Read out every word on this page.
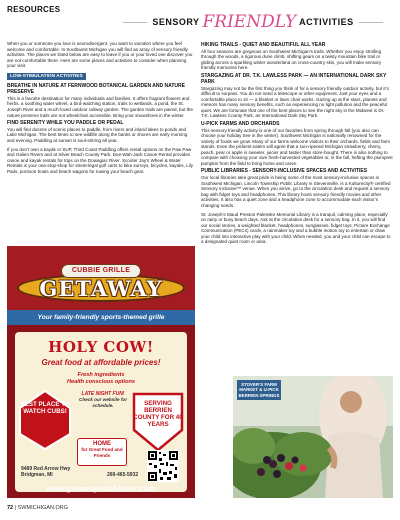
RESOURCES
SENSORY FRIENDLY ACTIVITIES

When you or someone you love is neurodivergent, you want to vacation where you feel welcome and comfortable. In Southwest Michigan you will find an array of sensory friendly activities. The places we listed below are easy to leave if you or your loved one discover you are not comfortable there. Here are some places and activities to consider when planning your visit.

LOW-STIMULATION ACTIVITIES
BREATHE IN NATURE AT FERNWOOD BOTANICAL GARDEN AND NATURE PRESERVE

This is a favorite destination for many individuals and families. It offers fragrant flowers and herbs, a soothing water wheel, a bird-watching station, trails to wetlands, a pond, the St. Joseph River and a much-loved outdoor railway garden. The garden trails are paved, but the nature preserve trails are not wheelchair accessible. Bring your snowshoes in the winter.

FIND SERENITY WHILE YOU PADDLE OR PEDAL

You will find dozens of scenic places to paddle, from rivers and inland lakes to ponds and Lake Michigan. The best times to see wildlife along the banks or shores are early morning and evening. Paddling at sunset is soul-stirring all year.

If you don’t own a kayak or SUP, Third Coast Paddling offers rental options on the Paw Paw and Galien Rivers and at Silver Beach County Park. Doe-Wah-Jack Canoe Rental provides canoe and kayak rentals for trips on the Dowagiac River. Scooter Jay’s Wheel & Water Rentals is your one-stop-shop for street-legal golf carts to bike surreys, bicycles, kayaks, Lily Pads, pontoon boats and beach wagons for towing your beach gear.

HIKING TRAILS - QUIET AND BEAUTIFUL ALL YEAR

All four seasons are gorgeous on Southwest Michigan’s trails. Whether you enjoy strolling through the woods, a rigorous dune climb, shifting gears on a twisty mountain bike trail or gliding across a sparkling winter wonderland on cross-country skis, you will make sensory friendly memories here.

STARGAZING AT DR. T.K. LAWLESS PARK — AN INTERNATIONAL DARK SKY PARK

Stargazing may not be the first thing you think of for a sensory friendly outdoor activity, but it’s difficult to surpass. You do not need a telescope or other equipment. Just your eyes and a comfortable place to sit — a blanket or lawn chair works. Gazing up at the stars, planets and meteors has many sensory benefits, such as experiencing no light pollution and the peaceful quiet. We are fortunate that one of the best places to see the night sky in the Midwest is Dr. T.K. Lawless County Park, an International Dark Sky Park.

U-PICK FARMS AND ORCHARDS

This sensory friendly activity is one of our favorites from spring through fall (you also can choose your holiday tree in the winter). Southwest Michigan is nationally renowned for the variety of foods we grow. Many of our farms welcome visitors to their orchards, fields and farm stands. Even the pickiest eaters will agree that a sun-ripened Michigan strawberry, cherry, peach, pear or apple is sweeter, juicier and tastier than store-bought. There is also nothing to compare with choosing your own fresh-harvested vegetables or, in the fall, hefting the plumpest pumpkin from the field to bring home and carve.

PUBLIC LIBRARIES - SENSORY-INCLUSIVE SPACES AND ACTIVITIES

Our local libraries take great pride in being some of the most sensory-inclusive spaces in Southwest Michigan. Lincoln Township Public Library in Stevensville, is a Kulturecity® certified Sensory Inclusive™ venue. When you arrive, go to the circulation desk and request a sensory bag with fidget toys and headphones. This library hosts sensory friendly movies and other activities. It also has a quiet zone and a headphone zone to accommodate each visitor’s changing needs.

St. Joseph’s Maud Preston Palenske Memorial Library is a tranquil, calming place, especially on rainy or busy beach days. Ask at the circulation desk for a sensory bag. In it, you will find our social stories, a weighted blanket, headphones, sunglasses, fidget toys, Picture Exchange Communication (PECs) cards, a rainmaker toy and a bubble motion toy to entertain or draw your child into interactive play with your child. When needed, you and your child can escape to a designated quiet room or area.

CUBBIE GRILLE
GETAWAY
Your family-friendly sports-themed grille
HOLY COW!
Great food at affordable prices!
Fresh ingredients
Health conscious options
BEST PLACE TO WATCH CUBS!
LATE NIGHT FUN!
Check our website for schedule.	SERVING BERRIEN COUNTY FOR 40 YEARS
HOME
for Great Food and Friends
9489 Red Arrow Hwy
Bridgman, MI	269-465-5932
www.getawaycubbiebar.com
STOVER’S FARM MARKET & U-PICK BERRIEN SPRINGS
72 | SWMICHIGAN.ORG
